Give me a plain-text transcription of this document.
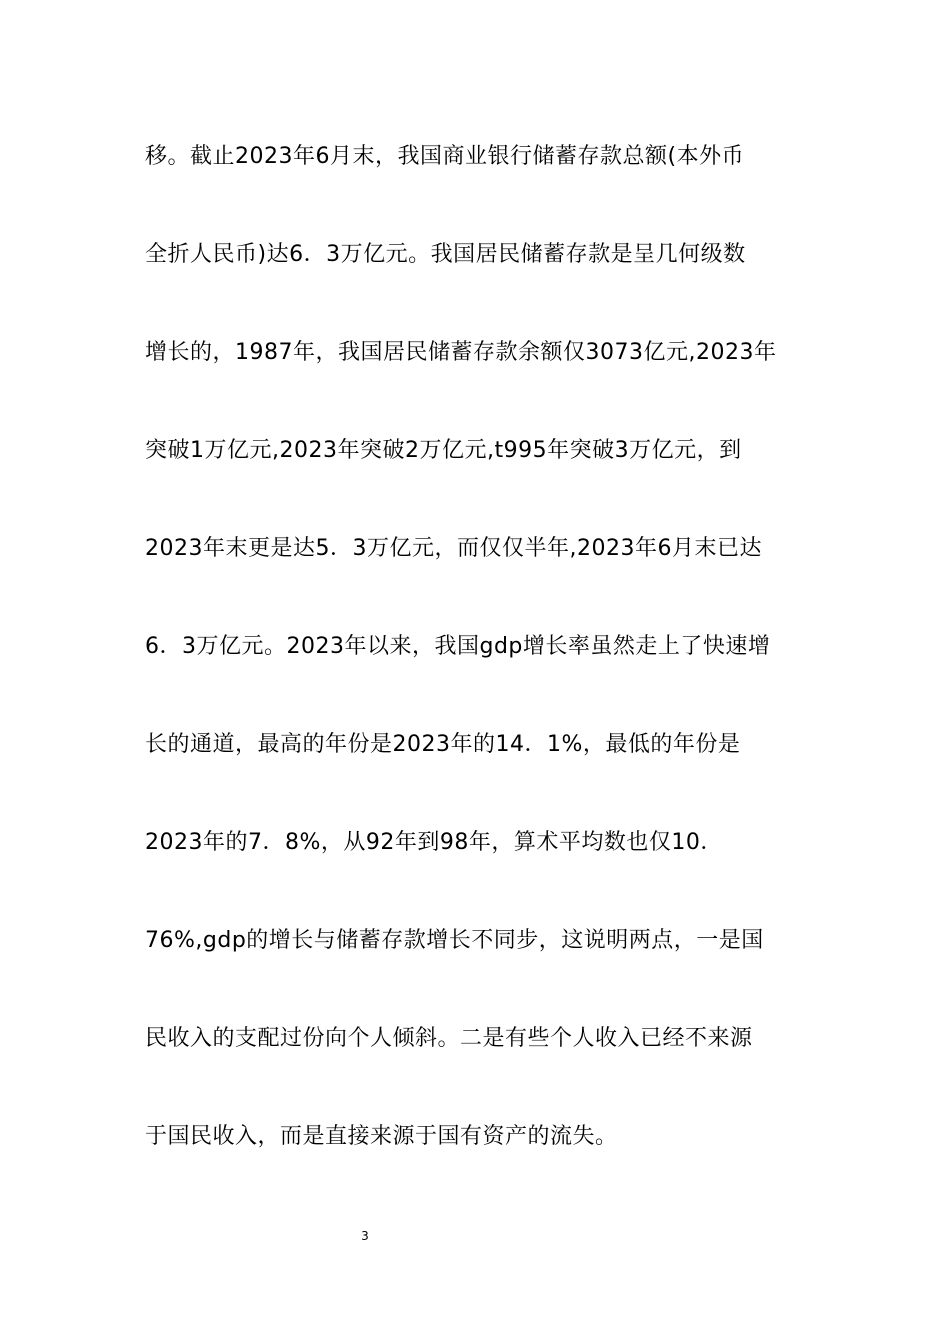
移。截止2023年6月末，我国商业银行储蓄存款总额(本外币
全折人民币)达6．3万亿元。我国居民储蓄存款是呈几何级数
增长的，1987年，我国居民储蓄存款余额仅3073亿元,2023年
突破1万亿元,2023年突破2万亿元,t995年突破3万亿元，到
2023年末更是达5．3万亿元，而仅仅半年,2023年6月末已达
6．3万亿元。2023年以来，我国gdp增长率虽然走上了快速增
长的通道，最高的年份是2023年的14．1%，最低的年份是
2023年的7．8%，从92年到98年，算术平均数也仅10．
76%,gdp的增长与储蓄存款增长不同步，这说明两点，一是国
民收入的支配过份向个人倾斜。二是有些个人收入已经不来源
于国民收入，而是直接来源于国有资产的流失。
3
